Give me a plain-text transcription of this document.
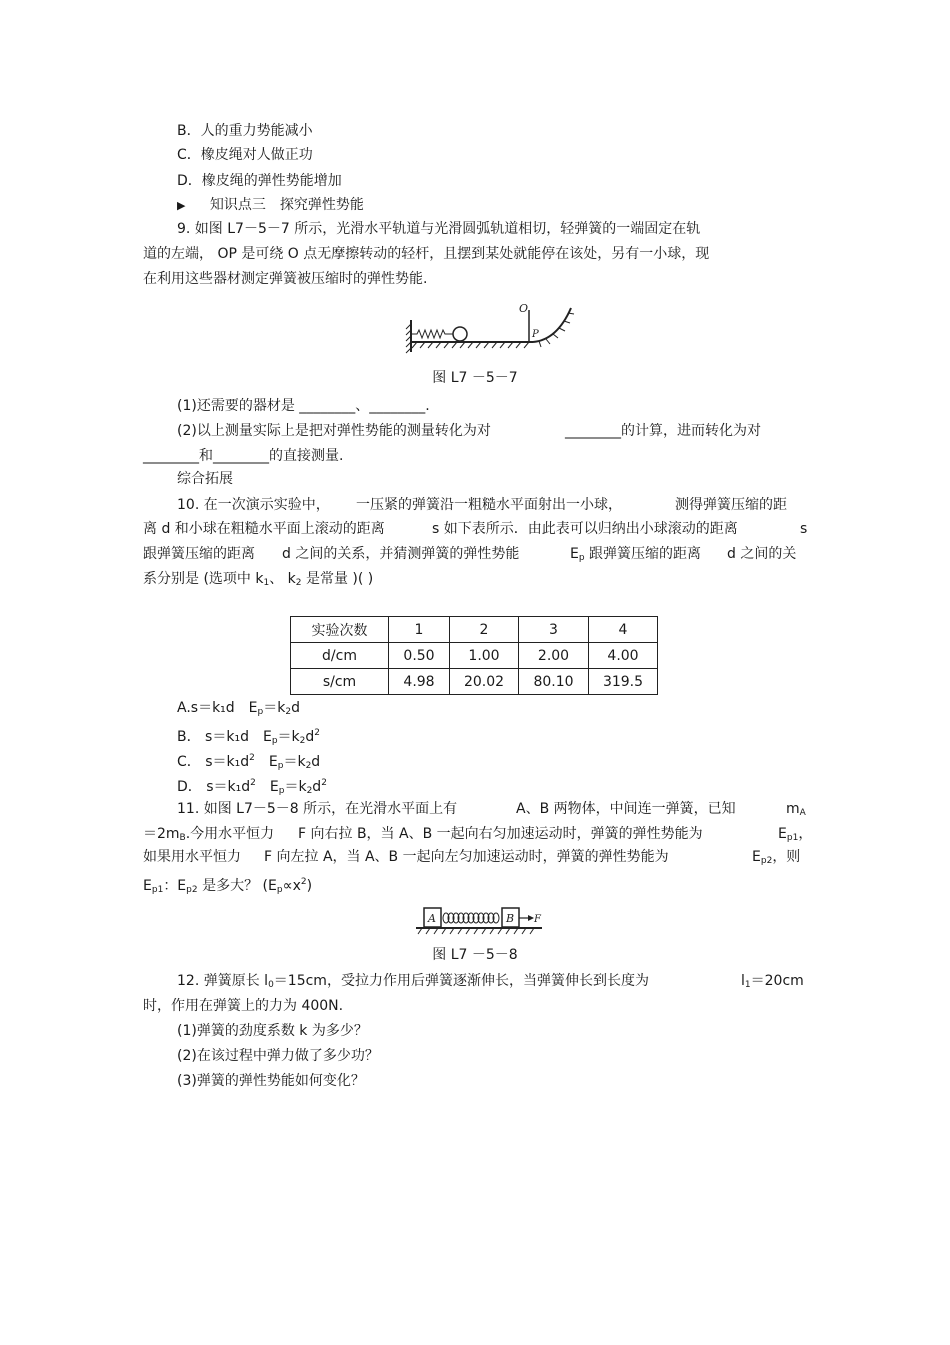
B．人的重力势能减小
C．橡皮绳对人做正功
D．橡皮绳的弹性势能增加
▶ 知识点三　探究弹性势能
9. 如图 L7－5－7 所示，光滑水平轨道与光滑圆弧轨道相切，轻弹簧的一端固定在轨
道的左端， OP 是可绕 O 点无摩擦转动的轻杆，且摆到某处就能停在该处，另有一小球，现
在利用这些器材测定弹簧被压缩时的弹性势能.
O
P
图 L7 －5－7
(1)还需要的器材是 ________、________.
(2)以上测量实际上是把对弹性势能的测量转化为对	________的计算，进而转化为对
________和________的直接测量.
综合拓展
10. 在一次演示实验中， 一压紧的弹簧沿一粗糙水平面射出一小球，	测得弹簧压缩的距
离 d 和小球在粗糙水平面上滚动的距离	s 如下表所示．由此表可以归纳出小球滚动的距离	s
跟弹簧压缩的距离 d 之间的关系，并猜测弹簧的弹性势能	$E_p$ 跟弹簧压缩的距离 d 之间的关
系分别是 (选项中 $k_1$、 $k_2$ 是常量 )( )
实验次数	1	2	3	4
d/cm	0.50	1.00	2.00	4.00
s/cm	4.98	20.02	80.10	319.5
A.s＝k₁d　$E_p=k_2d$
B． s＝k₁d　$E_p=k_2d^2$
C． $s=k_1d^2$　$E_p=k_2d$
D． $s=k_1d^2$　$E_p=k_2d^2$
11. 如图 L7－5－8 所示，在光滑水平面上有	A、B 两物体，中间连一弹簧，已知	$m_A$
$=2m_B$.今用水平恒力 F 向右拉 B，当 A、B 一起向右匀加速运动时，弹簧的弹性势能为	$E_{p1}$，
如果用水平恒力 F 向左拉 A，当 A、B 一起向左匀加速运动时，弹簧的弹性势能为	$E_{p2}$，则
$E_{p1}$：$E_{p2}$ 是多大？ $(E_p\propto x^2)$
A	B F
图 L7 －5－8
12. 弹簧原长 $l_0=15cm$，受拉力作用后弹簧逐渐伸长，当弹簧伸长到长度为	$l_1=20cm$
时，作用在弹簧上的力为 400N.
(1)弹簧的劲度系数 k 为多少？
(2)在该过程中弹力做了多少功？
(3)弹簧的弹性势能如何变化？
